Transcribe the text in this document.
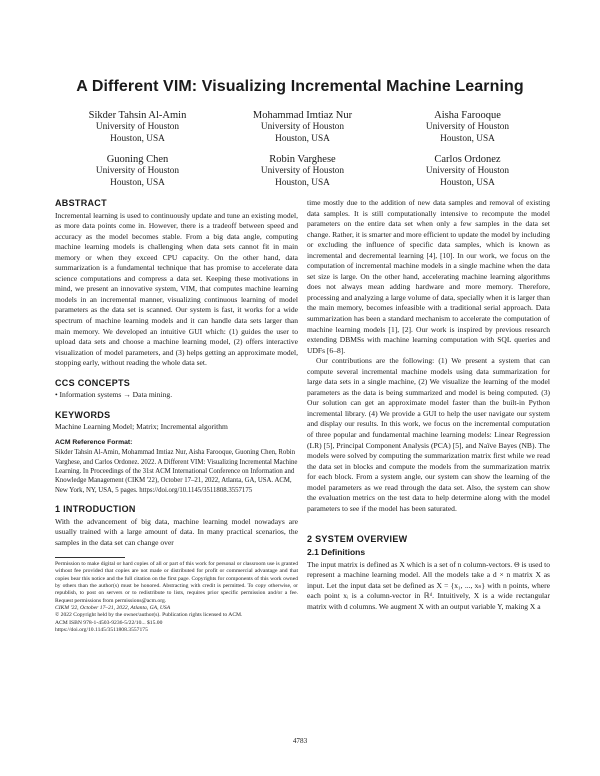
A Different VIM: Visualizing Incremental Machine Learning
Sikder Tahsin Al-Amin
University of Houston
Houston, USA
Mohammad Imtiaz Nur
University of Houston
Houston, USA
Aisha Farooque
University of Houston
Houston, USA
Guoning Chen
University of Houston
Houston, USA
Robin Varghese
University of Houston
Houston, USA
Carlos Ordonez
University of Houston
Houston, USA
ABSTRACT

Incremental learning is used to continuously update and tune an existing model, as more data points come in. However, there is a tradeoff between speed and accuracy as the model becomes stable. From a big data angle, computing machine learning models is challenging when data sets cannot fit in main memory or when they exceed CPU capacity. On the other hand, data summarization is a fundamental technique that has promise to accelerate data science computations and compress a data set. Keeping these motivations in mind, we present an innovative system, VIM, that computes machine learning models in an incremental manner, visualizing continuous learning of model parameters as the data set is scanned. Our system is fast, it works for a wide spectrum of machine learning models and it can handle data sets larger than main memory. We developed an intuitive GUI which: (1) guides the user to upload data sets and choose a machine learning model, (2) offers interactive visualization of model parameters, and (3) helps getting an approximate model, stopping early, without reading the whole data set.

CCS CONCEPTS

• Information systems → Data mining.

KEYWORDS

Machine Learning Model; Matrix; Incremental algorithm

ACM Reference Format:

Sikder Tahsin Al-Amin, Mohammad Imtiaz Nur, Aisha Farooque, Guoning Chen, Robin Varghese, and Carlos Ordonez. 2022. A Different VIM: Visualizing Incremental Machine Learning. In Proceedings of the 31st ACM International Conference on Information and Knowledge Management (CIKM '22), October 17–21, 2022, Atlanta, GA, USA. ACM, New York, NY, USA, 5 pages. https://doi.org/10.1145/3511808.3557175

1 INTRODUCTION

With the advancement of big data, machine learning model nowadays are usually trained with a large amount of data. In many practical scenarios, the samples in the data set can change over

Permission to make digital or hard copies of all or part of this work for personal or classroom use is granted without fee provided that copies are not made or distributed for profit or commercial advantage and that copies bear this notice and the full citation on the first page. Copyrights for components of this work owned by others than the author(s) must be honored. Abstracting with credit is permitted. To copy otherwise, or republish, to post on servers or to redistribute to lists, requires prior specific permission and/or a fee. Request permissions from permissions@acm.org.

CIKM '22, October 17–21, 2022, Atlanta, GA, USA

© 2022 Copyright held by the owner/author(s). Publication rights licensed to ACM.

ACM ISBN 978-1-4503-9236-5/22/10... $15.00

https://doi.org/10.1145/3511808.3557175

time mostly due to the addition of new data samples and removal of existing data samples. It is still computationally intensive to recompute the model parameters on the entire data set when only a few samples in the data set change. Rather, it is smarter and more efficient to update the model by including or excluding the influence of specific data samples, which is known as incremental and decremental learning [4], [10]. In our work, we focus on the computation of incremental machine models in a single machine when the data set size is large. On the other hand, accelerating machine learning algorithms does not always mean adding hardware and more memory. Therefore, processing and analyzing a large volume of data, specially when it is larger than the main memory, becomes infeasible with a traditional serial approach. Data summarization has been a standard mechanism to accelerate the computation of machine learning models [1], [2]. Our work is inspired by previous research extending DBMSs with machine learning computation with SQL queries and UDFs [6–8].

Our contributions are the following: (1) We present a system that can compute several incremental machine models using data summarization for large data sets in a single machine, (2) We visualize the learning of the model parameters as the data is being summarized and model is being computed. (3) Our solution can get an approximate model faster than the built-in Python incremental library. (4) We provide a GUI to help the user navigate our system and display our results. In this work, we focus on the incremental computation of three popular and fundamental machine learning models: Linear Regression (LR) [5], Principal Component Analysis (PCA) [5], and Naïve Bayes (NB). The models were solved by computing the summarization matrix first while we read the data set in blocks and compute the models from the summarization matrix for each block. From a system angle, our system can show the learning of the model parameters as we read through the data set. Also, the system can show the evaluation metrics on the test data to help determine along with the model parameters to see if the model has been saturated.

2 SYSTEM OVERVIEW
2.1 Definitions

The input matrix is defined as X which is a set of n column-vectors. Θ is used to represent a machine learning model. All the models take a d × n matrix X as input. Let the input data set be defined as X = {x₁, ..., xₙ} with n points, where each point xᵢ is a column-vector in ℝᵈ. Intuitively, X is a wide rectangular matrix with d columns. We augment X with an output variable Y, making X a

4783
